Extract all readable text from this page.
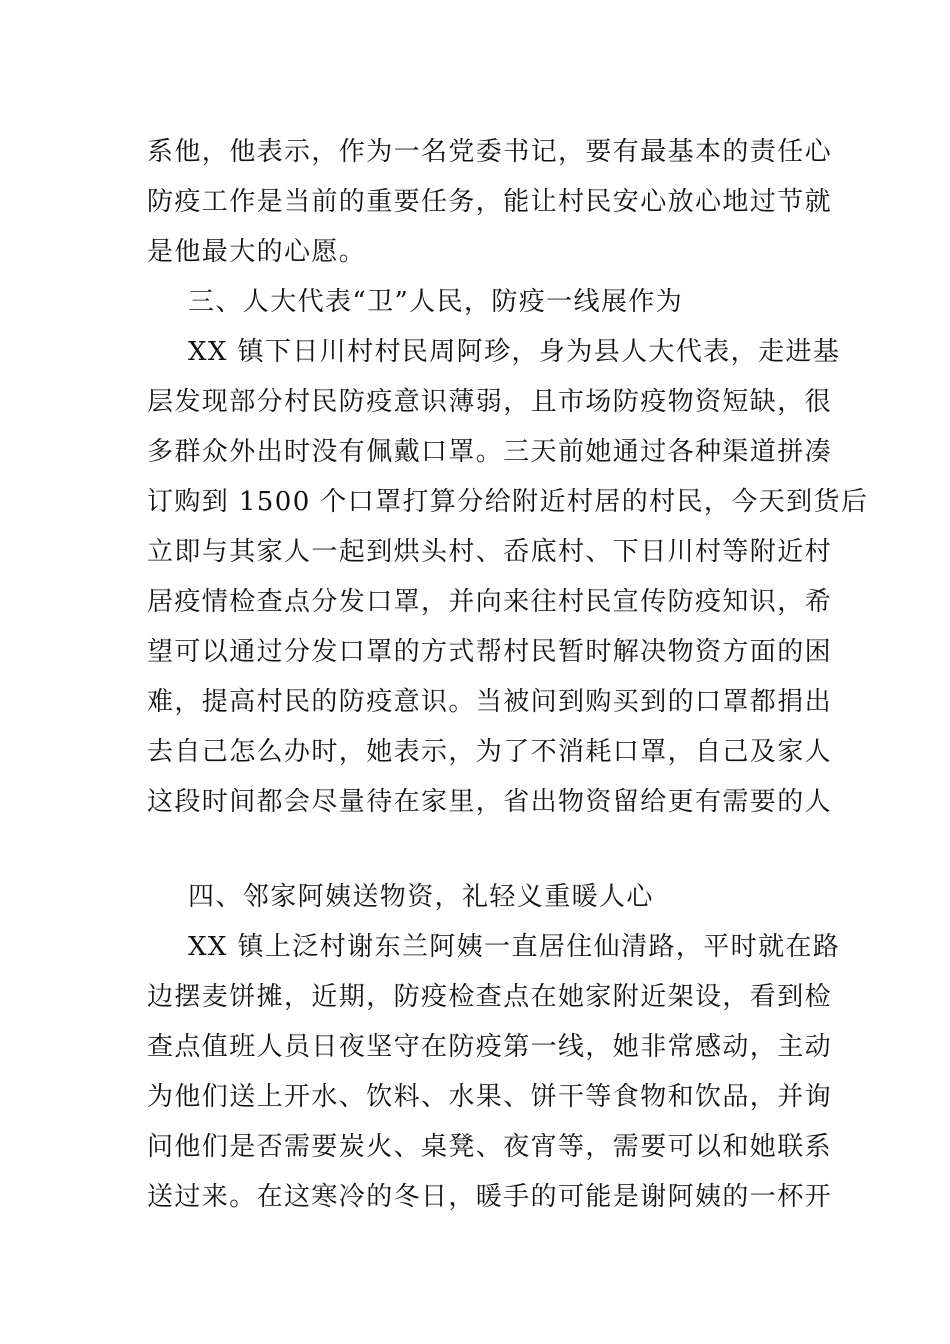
系他，他表示，作为一名党委书记，要有最基本的责任心
防疫工作是当前的重要任务，能让村民安心放心地过节就
是他最大的心愿。
三、人大代表“卫”人民，防疫一线展作为
XX 镇下日川村村民周阿珍，身为县人大代表，走进基
层发现部分村民防疫意识薄弱，且市场防疫物资短缺，很
多群众外出时没有佩戴口罩。三天前她通过各种渠道拼凑
订购到 1500 个口罩打算分给附近村居的村民，今天到货后
立即与其家人一起到烘头村、岙底村、下日川村等附近村
居疫情检查点分发口罩，并向来往村民宣传防疫知识，希
望可以通过分发口罩的方式帮村民暂时解决物资方面的困
难，提高村民的防疫意识。当被问到购买到的口罩都捐出
去自己怎么办时，她表示，为了不消耗口罩，自己及家人
这段时间都会尽量待在家里，省出物资留给更有需要的人
四、邻家阿姨送物资，礼轻义重暖人心
XX 镇上泛村谢东兰阿姨一直居住仙清路，平时就在路
边摆麦饼摊，近期，防疫检查点在她家附近架设，看到检
查点值班人员日夜坚守在防疫第一线，她非常感动，主动
为他们送上开水、饮料、水果、饼干等食物和饮品，并询
问他们是否需要炭火、桌凳、夜宵等，需要可以和她联系
送过来。在这寒冷的冬日，暖手的可能是谢阿姨的一杯开
